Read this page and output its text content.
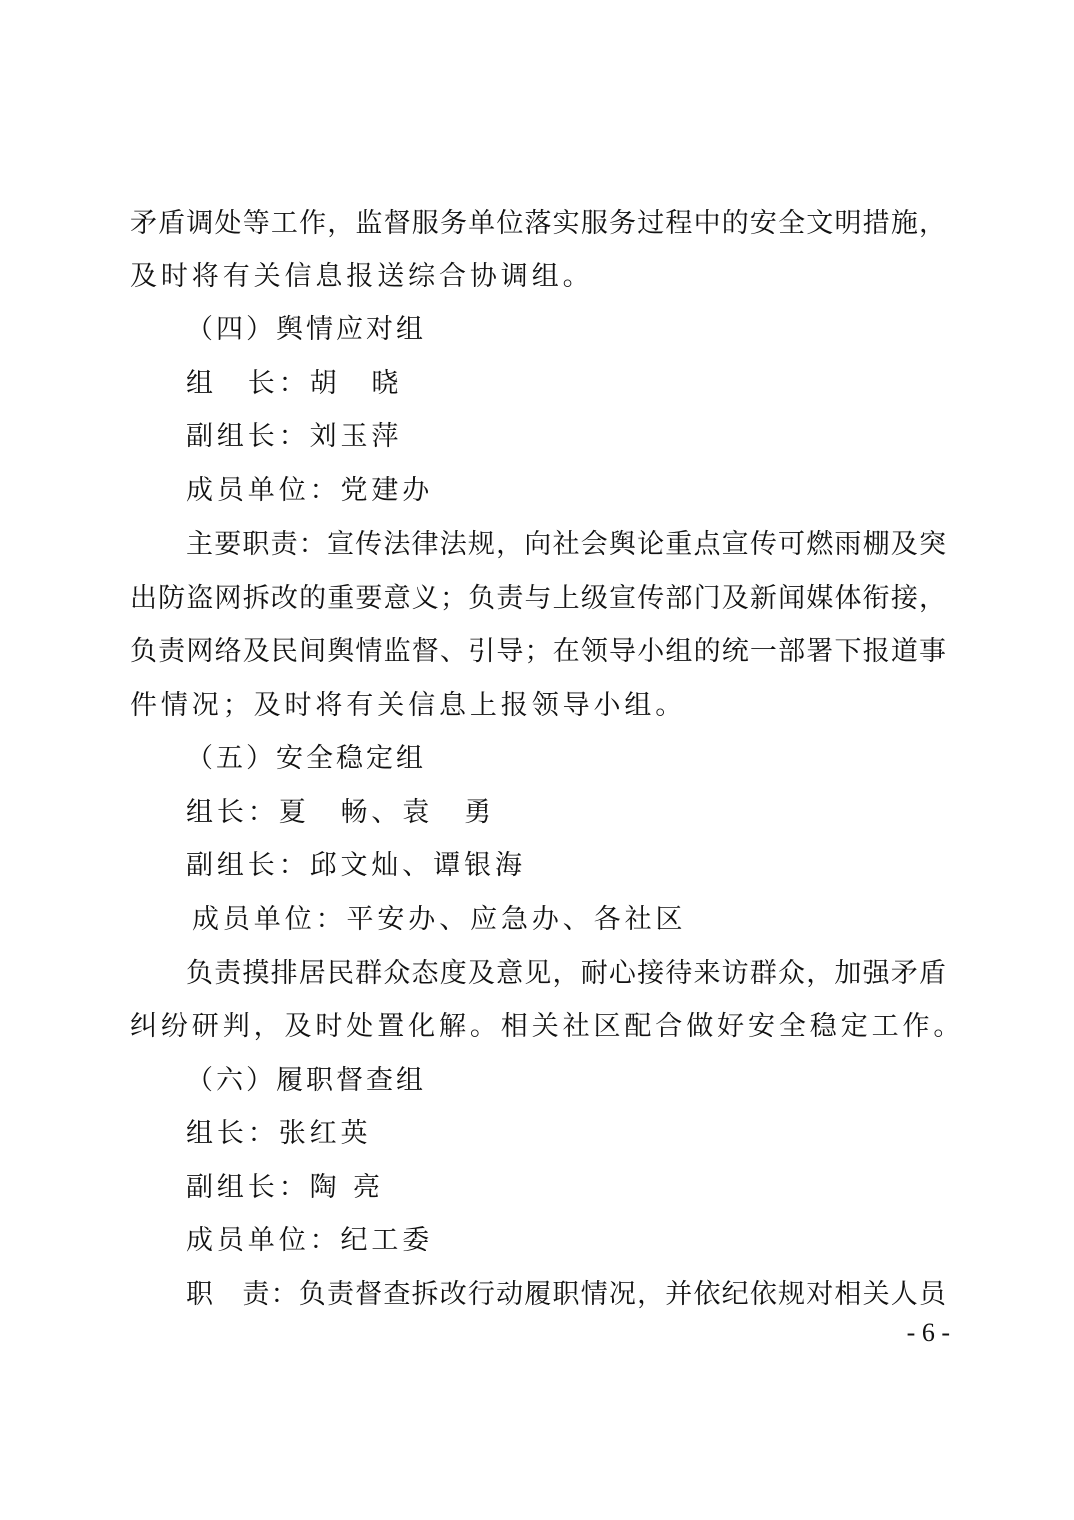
矛盾调处等工作，监督服务单位落实服务过程中的安全文明措施，
及时将有关信息报送综合协调组。
（四）舆情应对组
组　长：胡　晓
副组长：刘玉萍
成员单位：党建办
主要职责：宣传法律法规，向社会舆论重点宣传可燃雨棚及突
出防盗网拆改的重要意义；负责与上级宣传部门及新闻媒体衔接，
负责网络及民间舆情监督、引导；在领导小组的统一部署下报道事
件情况；及时将有关信息上报领导小组。
（五）安全稳定组
组长：夏　畅、袁　勇
副组长：邱文灿、谭银海
成员单位：平安办、应急办、各社区
负责摸排居民群众态度及意见，耐心接待来访群众，加强矛盾
纠纷研判，及时处置化解。相关社区配合做好安全稳定工作。
（六）履职督查组
组长：张红英
副组长：陶 亮
成员单位：纪工委
职　责：负责督查拆改行动履职情况，并依纪依规对相关人员
- 6 -
